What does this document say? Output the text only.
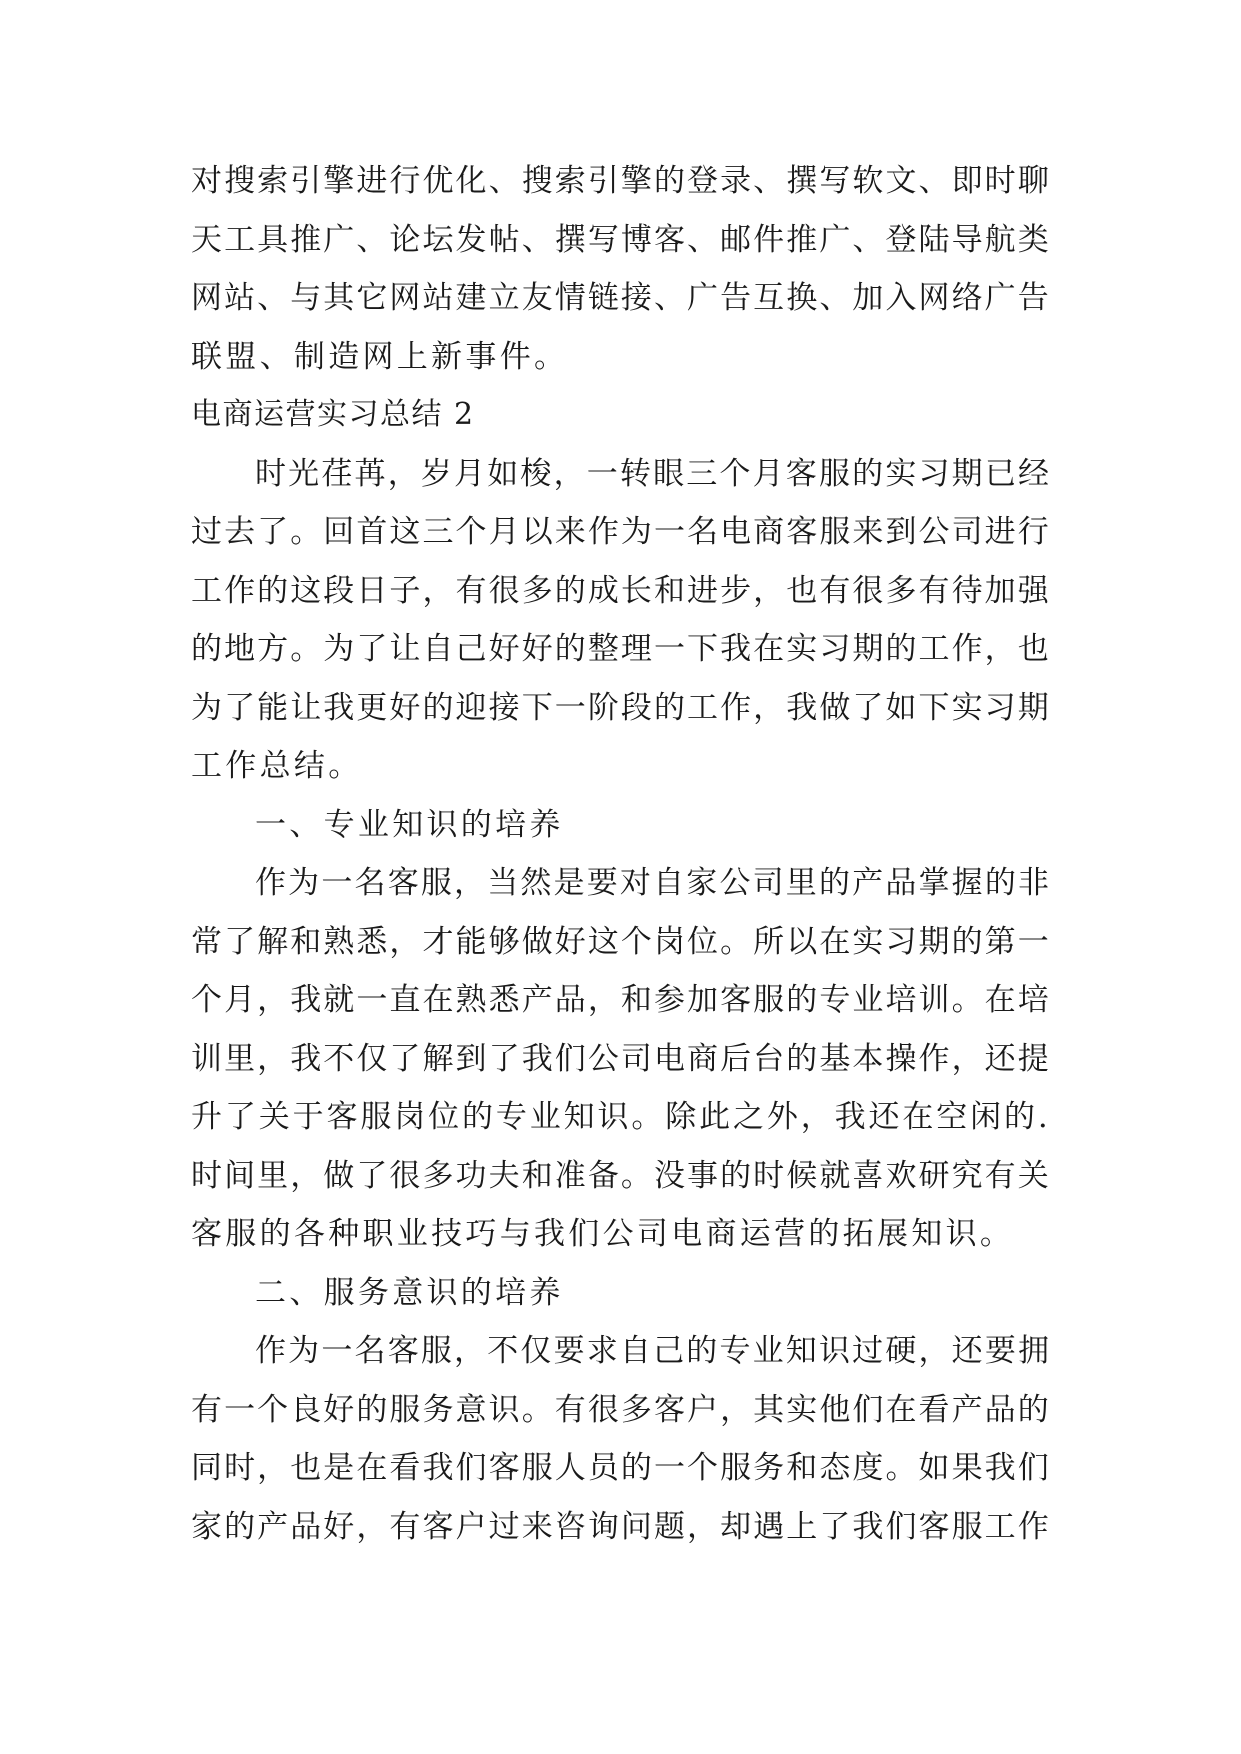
对搜索引擎进行优化、搜索引擎的登录、撰写软文、即时聊
天工具推广、论坛发帖、撰写博客、邮件推广、登陆导航类
网站、与其它网站建立友情链接、广告互换、加入网络广告
联盟、制造网上新事件。
电商运营实习总结 2
时光荏苒，岁月如梭，一转眼三个月客服的实习期已经
过去了。回首这三个月以来作为一名电商客服来到公司进行
工作的这段日子，有很多的成长和进步，也有很多有待加强
的地方。为了让自己好好的整理一下我在实习期的工作，也
为了能让我更好的迎接下一阶段的工作，我做了如下实习期
工作总结。
一、专业知识的培养
作为一名客服，当然是要对自家公司里的产品掌握的非
常了解和熟悉，才能够做好这个岗位。所以在实习期的第一
个月，我就一直在熟悉产品，和参加客服的专业培训。在培
训里，我不仅了解到了我们公司电商后台的基本操作，还提
升了关于客服岗位的专业知识。除此之外，我还在空闲的.
时间里，做了很多功夫和准备。没事的时候就喜欢研究有关
客服的各种职业技巧与我们公司电商运营的拓展知识。
二、服务意识的培养
作为一名客服，不仅要求自己的专业知识过硬，还要拥
有一个良好的服务意识。有很多客户，其实他们在看产品的
同时，也是在看我们客服人员的一个服务和态度。如果我们
家的产品好，有客户过来咨询问题，却遇上了我们客服工作
